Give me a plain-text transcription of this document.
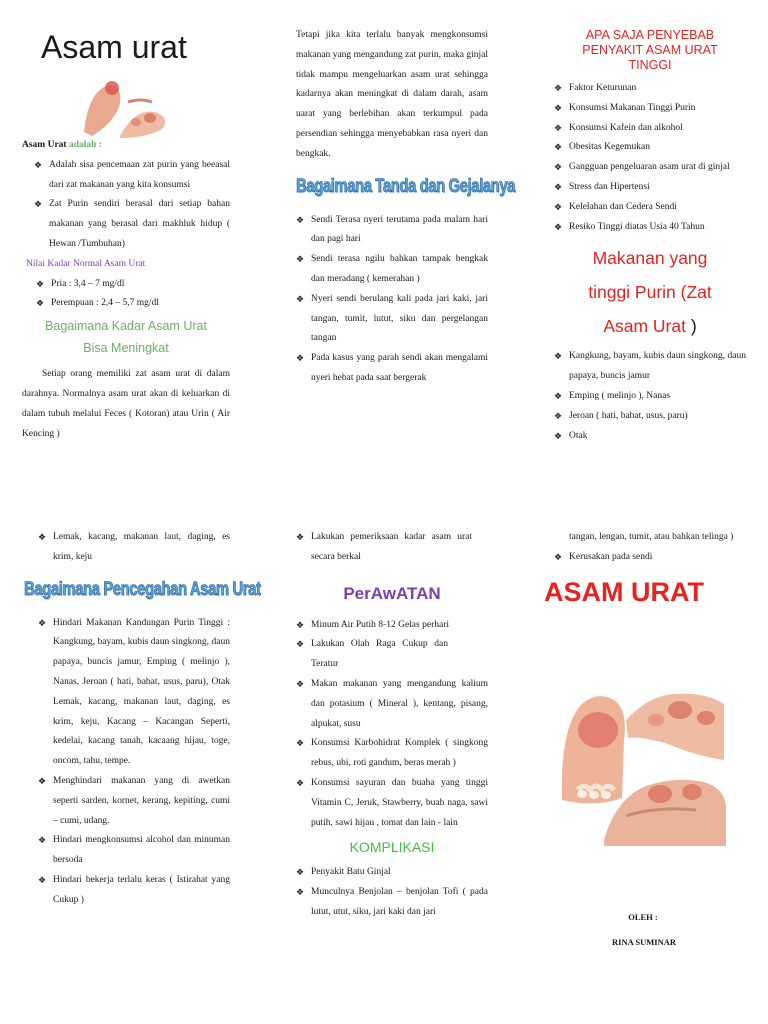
Asam urat
Asam Urat adalah :
❖ Adalah sisa pencemaan zat purin yang beeasal dari zat makanan yang kita konsumsi
❖ Zat Purin sendiri berasal dari setiap bahan makanan yang berasal dari makhluk hidup ( Hewan /Tumbuhan)
Nilai Kadar Normal Asam Urat
❖ Pria : 3,4 – 7 mg/dl
❖ Perempuan : 2,4 – 5,7 mg/dl
Bagaimana Kadar Asam Urat
Bisa Meningkat
Setiap orang memiliki zat asam urat di dalam darahnya. Normalnya asam urat akan di keluarkan di dalam tubuh melalui Feces ( Kotoran) atau Urin ( Air Kencing )
Tetapi jika kita terlalu banyak mengkonsumsi makanan yang mengandung zat purin, maka ginjal tidak mampu mengeluarkan asam urat sehingga kadarnya akan meningkat di dalam darah, asam uarat yang berlebihan akan terkumpul pada persendian sehingga menyebabkan rasa nyeri dan bengkak.
Bagaimana Tanda dan Gejalanya
❖ Sendi Terasa nyeri terutama pada malam hari dan pagi hari
❖ Sendi terasa ngilu bahkan tampak bengkak dan meradang ( kemerahan )
❖ Nyeri sendi berulang kali pada jari kaki, jari tangan, tumit, lutut, siku dan pergelangan tangan
❖ Pada kasus yang parah sendi akan mengalami nyeri hebat pada saat bergerak
APA SAJA PENYEBAB PENYAKIT ASAM URAT TINGGI
❖ Faktor Keturunan
❖ Konsumsi Makanan Tinggi Purin
❖ Konsumsi Kafein dan alkohol
❖ Obesitas Kegemukan
❖ Gangguan pengeluaran asam urat di ginjal
❖ Stress dan Hipertensi
❖ Kelelahan dan Cedera Sendi
❖ Resiko Tinggi diatas Usia 40 Tahun
Makanan yang
tinggi Purin (Zat
Asam Urat )
❖ Kangkung, bayam, kubis daun singkong, daun papaya, buncis jamur
❖ Emping ( melinjo ), Nanas
❖ Jeroan ( hati, babat, usus, paru)
❖ Otak
❖ Lemak, kacang, makanan laut, daging, es krim, keju
Bagaimana Pencegahan Asam Urat
❖ Hindari Makanan Kandungan Purin Tinggi : Kangkung, bayam, kubis daun singkong, daun papaya, buncis jamur, Emping ( melinjo ), Nanas, Jeroan ( hati, babat, usus, paru), Otak Lemak, kacang, makanan laut, daging, es krim, keju, Kacang – Kacangan Seperti, kedelai, kacang tanah, kacaang hijau, toge, oncom, tahu, tempe.
❖ Menghindari makanan yang di awetkan seperti sarden, kornet, kerang, kepiting, cumi – cumi, udang.
❖ Hindari mengkonsumsi alcohol dan minuman bersoda
❖ Hindari bekerja terlalu keras ( Istirahat yang Cukup )
❖ Lakukan pemeriksaan kadar asam urat secara berkal
PerAwATAN
❖ Minum Air Putih 8-12 Gelas perhari
❖ Lakukan Olah Raga Cukup dan Teratur
❖ Makan makanan yang mengandung kalium dan potasium ( Mineral ), kentang, pisang, alpukat, susu
❖ Konsumsi Karbohidrat Komplek ( singkong rebus, ubi, roti gandum, beras merah )
❖ Konsumsi sayuran dan buaha yang tinggi Vitamin C, Jeruk, Stawberry, buah naga, sawi putih, sawi hijau , tomat dan lain - lain
KOMPLIKASI
❖ Penyakit Batu Ginjal
❖ Munculnya Benjolan – benjolan Tofi ( pada lutut, utut, siku, jari kaki dan jari
tangan, lengan, tumit, atau bahkan telinga )
❖ Kerusakan pada sendi
ASAM URAT
OLEH :
RINA SUMINAR
